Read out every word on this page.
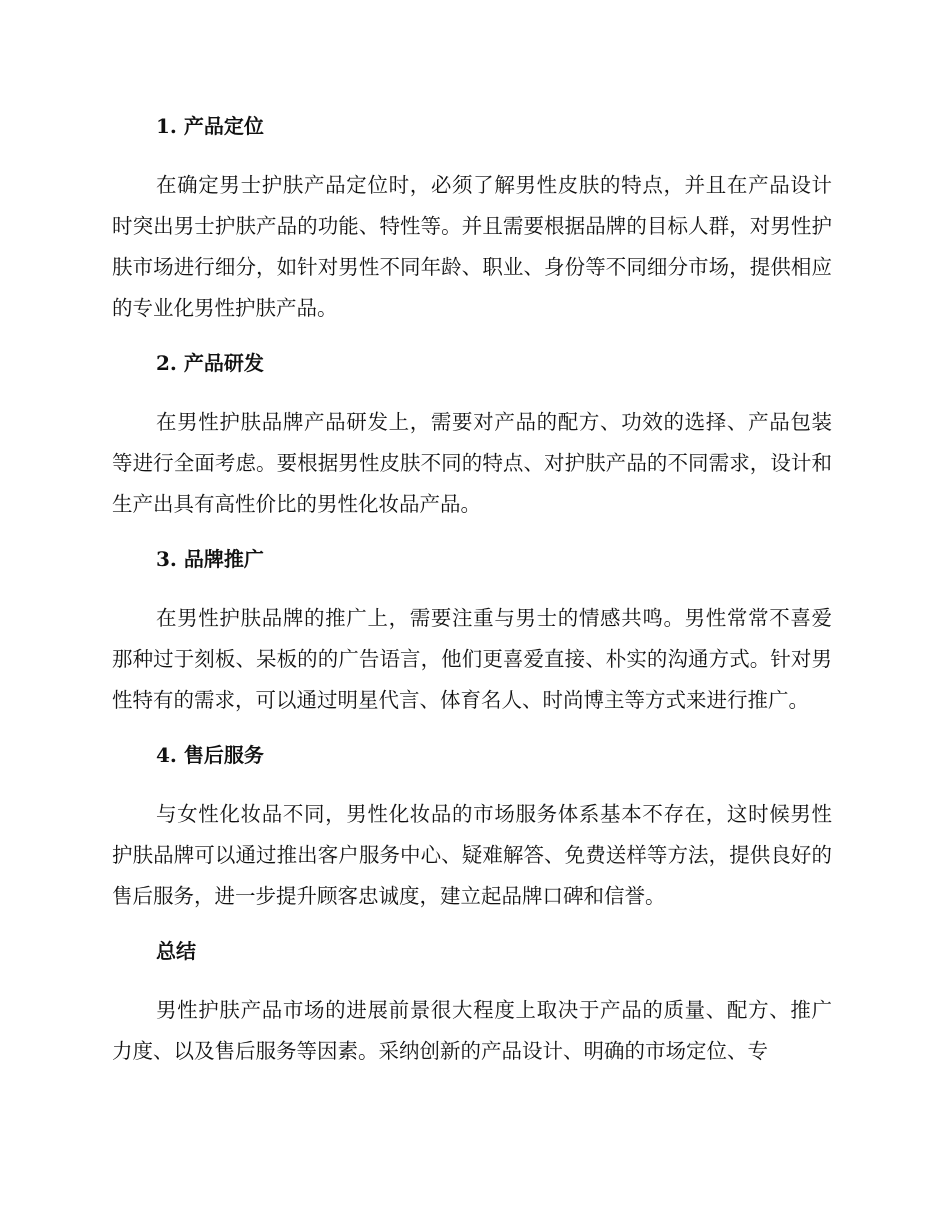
1. 产品定位

在确定男士护肤产品定位时，必须了解男性皮肤的特点，并且在产品设计时突出男士护肤产品的功能、特性等。并且需要根据品牌的目标人群，对男性护肤市场进行细分，如针对男性不同年龄、职业、身份等不同细分市场，提供相应的专业化男性护肤产品。

2. 产品研发

在男性护肤品牌产品研发上，需要对产品的配方、功效的选择、产品包装等进行全面考虑。要根据男性皮肤不同的特点、对护肤产品的不同需求，设计和生产出具有高性价比的男性化妆品产品。

3. 品牌推广

在男性护肤品牌的推广上，需要注重与男士的情感共鸣。男性常常不喜爱那种过于刻板、呆板的的广告语言，他们更喜爱直接、朴实的沟通方式。针对男性特有的需求，可以通过明星代言、体育名人、时尚博主等方式来进行推广。

4. 售后服务

与女性化妆品不同，男性化妆品的市场服务体系基本不存在，这时候男性护肤品牌可以通过推出客户服务中心、疑难解答、免费送样等方法，提供良好的售后服务，进一步提升顾客忠诚度，建立起品牌口碑和信誉。

总结

男性护肤产品市场的进展前景很大程度上取决于产品的质量、配方、推广力度、以及售后服务等因素。采纳创新的产品设计、明确的市场定位、专
